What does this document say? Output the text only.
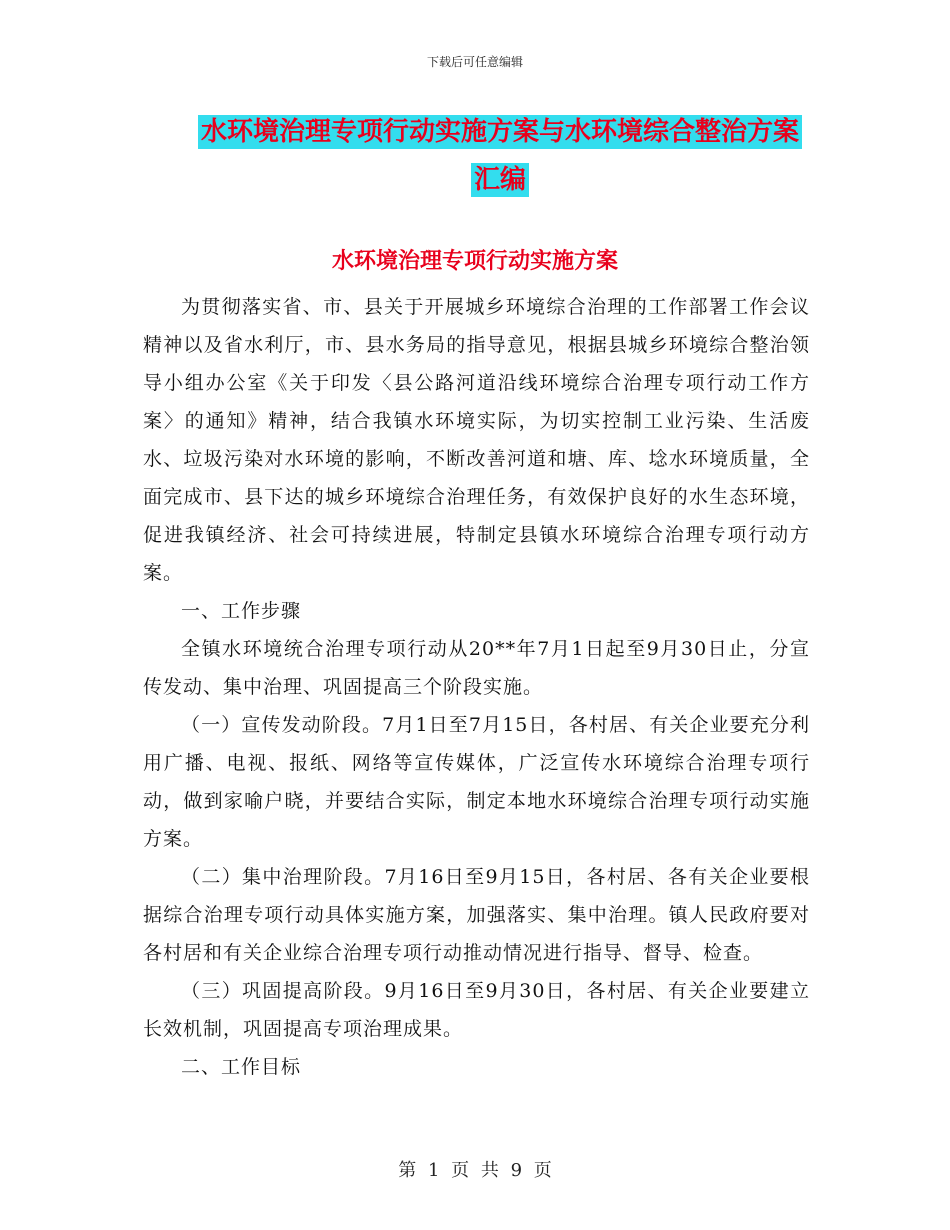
下载后可任意编辑
水环境治理专项行动实施方案与水环境综合整治方案
汇编
水环境治理专项行动实施方案

为贯彻落实省、市、县关于开展城乡环境综合治理的工作部署工作会议精神以及省水利厅，市、县水务局的指导意见，根据县城乡环境综合整治领导小组办公室《关于印发〈县公路河道沿线环境综合治理专项行动工作方案〉的通知》精神，结合我镇水环境实际，为切实控制工业污染、生活废水、垃圾污染对水环境的影响，不断改善河道和塘、库、埝水环境质量，全面完成市、县下达的城乡环境综合治理任务，有效保护良好的水生态环境，促进我镇经济、社会可持续进展，特制定县镇水环境综合治理专项行动方案。

一、工作步骤

全镇水环境统合治理专项行动从20**年7月1日起至9月30日止，分宣传发动、集中治理、巩固提高三个阶段实施。

（一）宣传发动阶段。7月1日至7月15日，各村居、有关企业要充分利用广播、电视、报纸、网络等宣传媒体，广泛宣传水环境综合治理专项行动，做到家喻户晓，并要结合实际，制定本地水环境综合治理专项行动实施方案。

（二）集中治理阶段。7月16日至9月15日，各村居、各有关企业要根据综合治理专项行动具体实施方案，加强落实、集中治理。镇人民政府要对各村居和有关企业综合治理专项行动推动情况进行指导、督导、检查。

（三）巩固提高阶段。9月16日至9月30日，各村居、有关企业要建立长效机制，巩固提高专项治理成果。

二、工作目标

第 1 页 共 9 页
